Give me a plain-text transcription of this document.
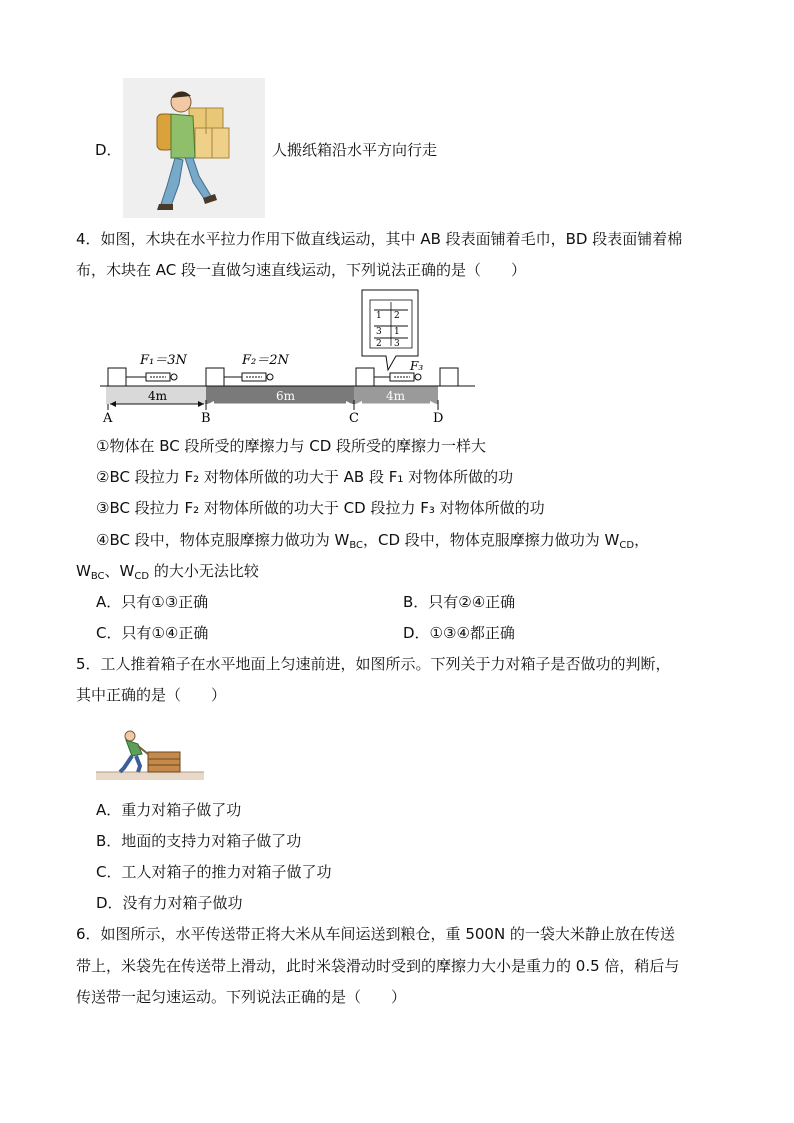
D．	人搬纸箱沿水平方向行走
4．如图，木块在水平拉力作用下做直线运动，其中 AB 段表面铺着毛巾，BD 段表面铺着棉
布，木块在 AC 段一直做匀速直线运动，下列说法正确的是（　　）
1 2
3 1
2 3
F₁＝3N	F₂＝2N	F₃
4m	6m	4m
A	B	C	D
①物体在 BC 段所受的摩擦力与 CD 段所受的摩擦力一样大
②BC 段拉力 F₂ 对物体所做的功大于 AB 段 F₁ 对物体所做的功
③BC 段拉力 F₂ 对物体所做的功大于 CD 段拉力 F₃ 对物体所做的功
④BC 段中，物体克服摩擦力做功为 $W_{BC}$，CD 段中，物体克服摩擦力做功为 $W_{CD}$，
$W_{BC}$、$W_{CD}$ 的大小无法比较
A．只有①③正确	B．只有②④正确
C．只有①④正确	D．①③④都正确
5．工人推着箱子在水平地面上匀速前进，如图所示。下列关于力对箱子是否做功的判断，
其中正确的是（　　）
A．重力对箱子做了功
B．地面的支持力对箱子做了功
C．工人对箱子的推力对箱子做了功
D．没有力对箱子做功
6．如图所示，水平传送带正将大米从车间运送到粮仓，重 500N 的一袋大米静止放在传送
带上，米袋先在传送带上滑动，此时米袋滑动时受到的摩擦力大小是重力的 0.5 倍，稍后与
传送带一起匀速运动。下列说法正确的是（　　）
